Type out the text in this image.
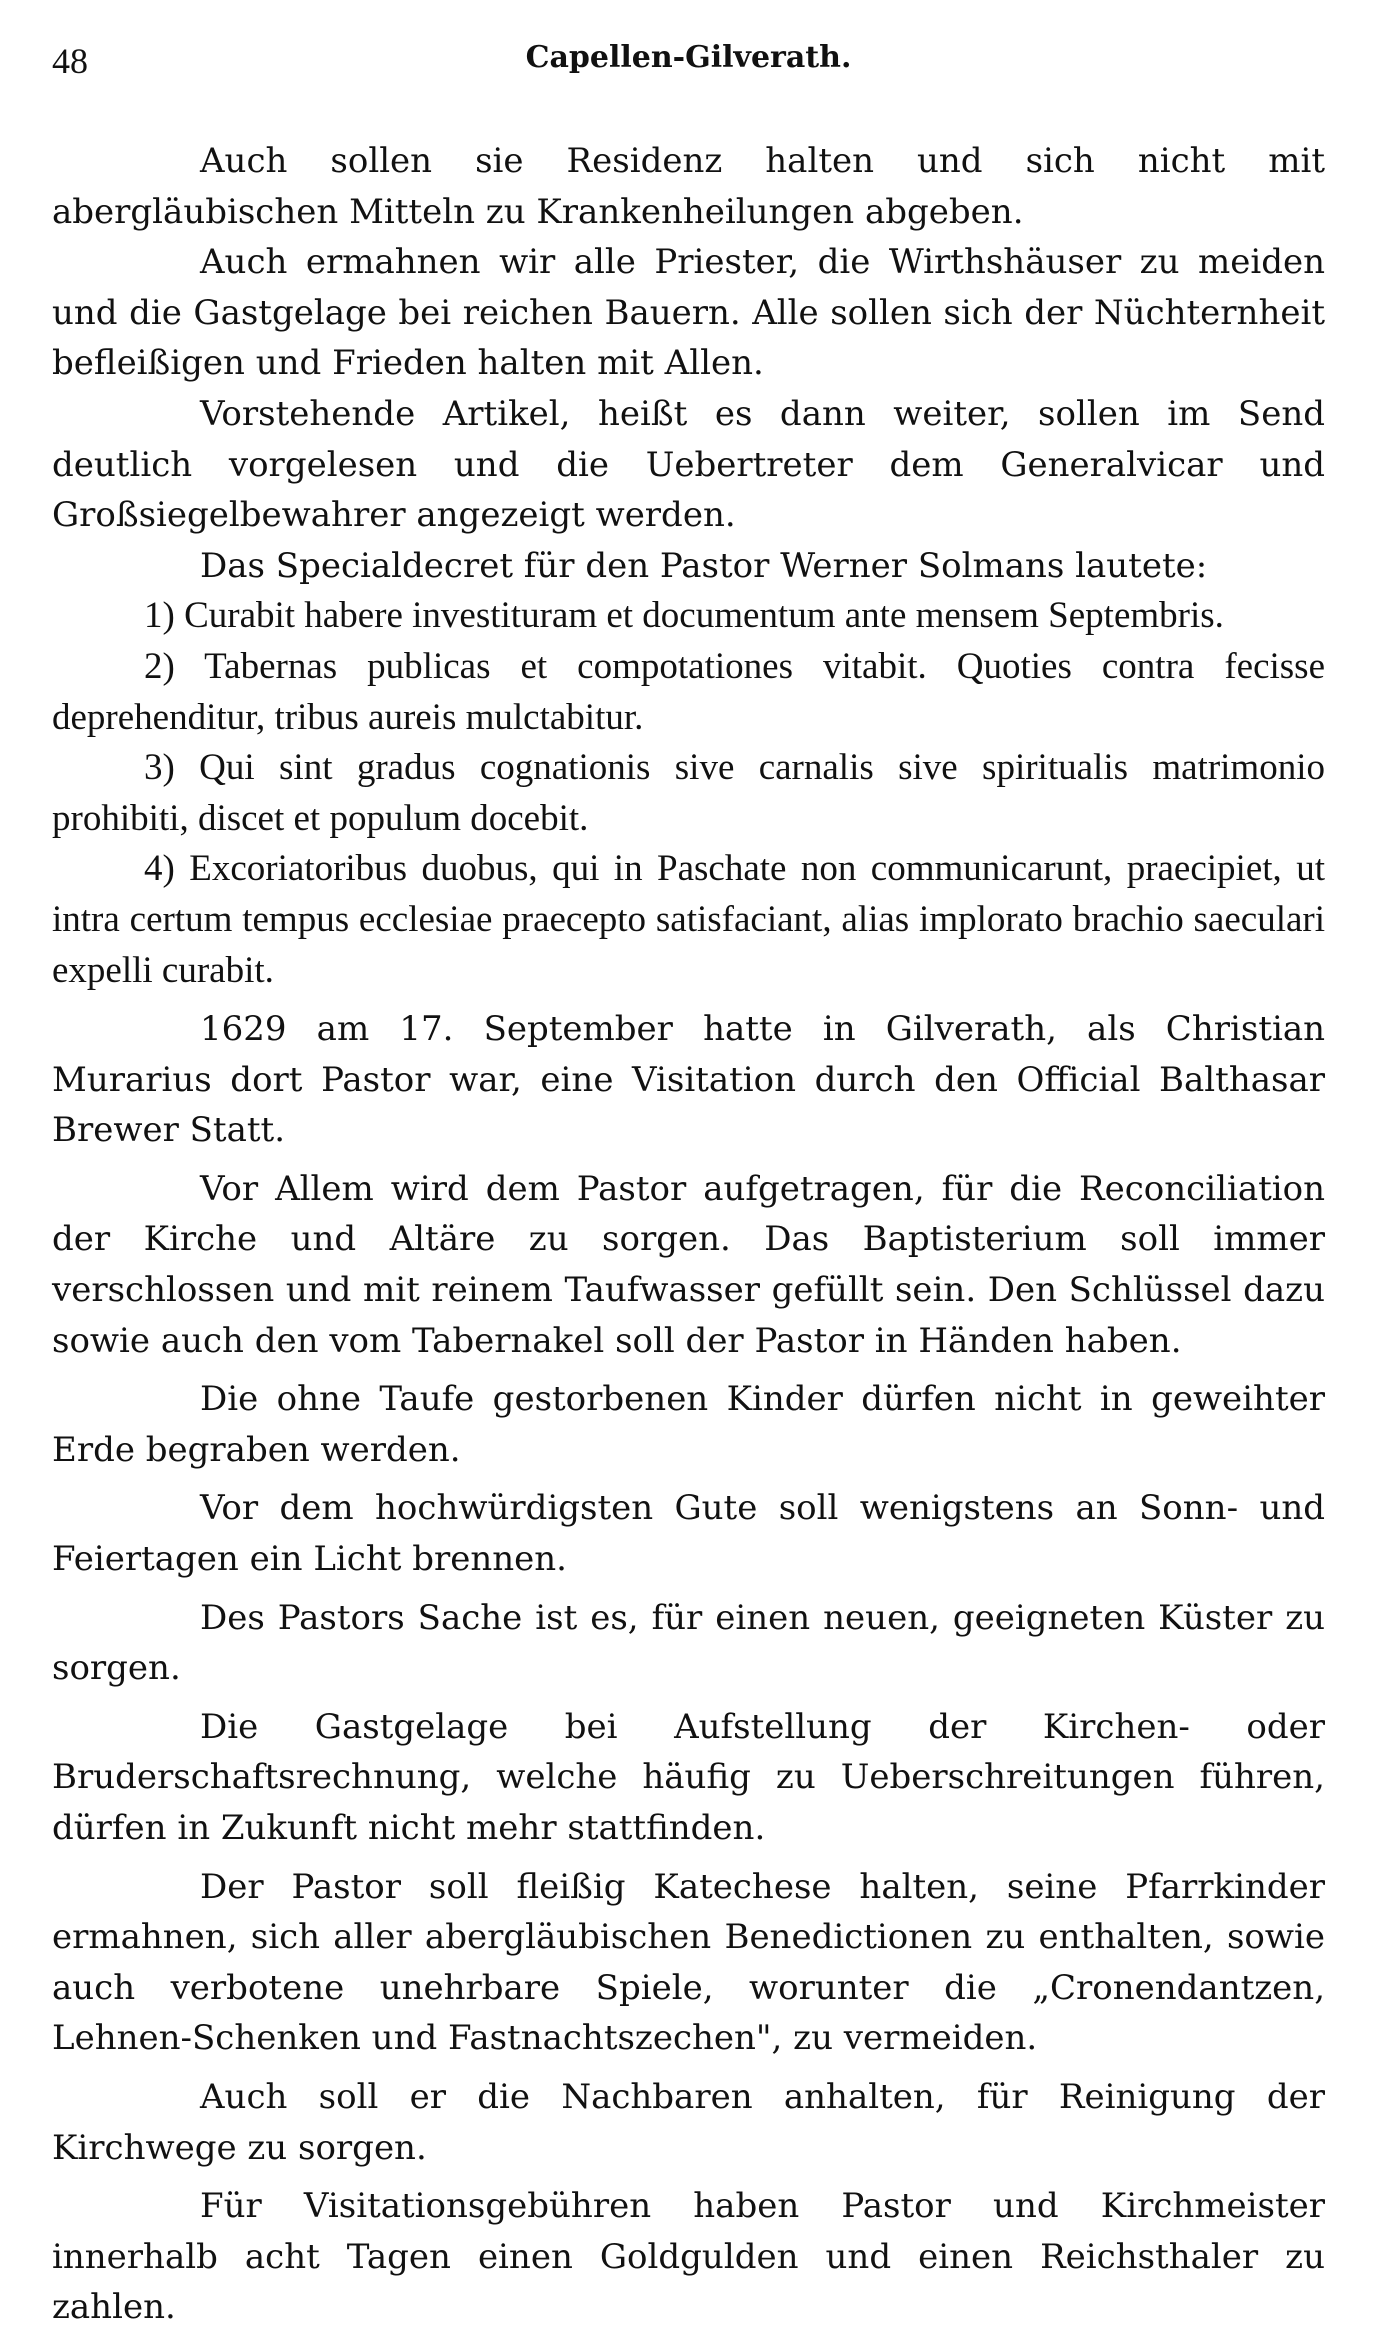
48	Capellen-Gilverath.

Auch sollen sie Residenz halten und sich nicht mit abergläubischen Mitteln zu Krankenheilungen abgeben.

Auch ermahnen wir alle Priester, die Wirthshäuser zu meiden und die Gastgelage bei reichen Bauern. Alle sollen sich der Nüchternheit befleißigen und Frieden halten mit Allen.

Vorstehende Artikel, heißt es dann weiter, sollen im Send deutlich vorgelesen und die Uebertreter dem Generalvicar und Großsiegelbewahrer angezeigt werden.

Das Specialdecret für den Pastor Werner Solmans lautete:

1) Curabit habere investituram et documentum ante mensem Septembris.

2) Tabernas publicas et compotationes vitabit. Quoties contra fecisse deprehenditur, tribus aureis mulctabitur.

3) Qui sint gradus cognationis sive carnalis sive spiritualis matrimonio prohibiti, discet et populum docebit.

4) Excoriatoribus duobus, qui in Paschate non communicarunt, praecipiet, ut intra certum tempus ecclesiae praecepto satisfaciant, alias implorato brachio saeculari expelli curabit.

1629 am 17. September hatte in Gilverath, als Christian Murarius dort Pastor war, eine Visitation durch den Official Balthasar Brewer Statt.

Vor Allem wird dem Pastor aufgetragen, für die Reconciliation der Kirche und Altäre zu sorgen. Das Baptisterium soll immer verschlossen und mit reinem Taufwasser gefüllt sein. Den Schlüssel dazu sowie auch den vom Tabernakel soll der Pastor in Händen haben.

Die ohne Taufe gestorbenen Kinder dürfen nicht in geweihter Erde begraben werden.

Vor dem hochwürdigsten Gute soll wenigstens an Sonn- und Feiertagen ein Licht brennen.

Des Pastors Sache ist es, für einen neuen, geeigneten Küster zu sorgen.

Die Gastgelage bei Aufstellung der Kirchen- oder Bruderschaftsrechnung, welche häufig zu Ueberschreitungen führen, dürfen in Zukunft nicht mehr stattfinden.

Der Pastor soll fleißig Katechese halten, seine Pfarrkinder ermahnen, sich aller abergläubischen Benedictionen zu enthalten, sowie auch verbotene unehrbare Spiele, worunter die „Cronendantzen, Lehnen-Schenken und Fastnachtszechen", zu vermeiden.

Auch soll er die Nachbaren anhalten, für Reinigung der Kirchwege zu sorgen.

Für Visitationsgebühren haben Pastor und Kirchmeister innerhalb acht Tagen einen Goldgulden und einen Reichsthaler zu zahlen.
